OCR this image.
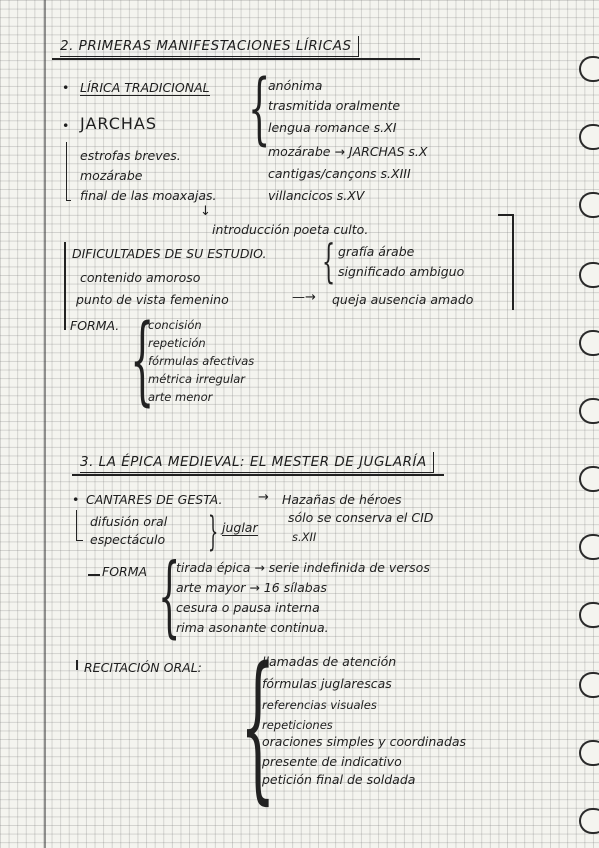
2. PRIMERAS MANIFESTACIONES LÍRICAS
• LÍRICA TRADICIONAL {
anónima
trasmitida oralmente
lengua romance s.XI
• JARCHAS
mozárabe → JARCHAS s.X
cantigas/cançons s.XIII
villancicos s.XV
estrofas breves.
mozárabe
final de las moaxajas.
↓
introducción poeta culto.
DIFICULTADES DE SU ESTUDIO. { grafía árabe
significado ambiguo
contenido amoroso
punto de vista femenino	—→ queja ausencia amado
FORMA. {
concisión
repetición
fórmulas afectivas
métrica irregular
arte menor
3. LA ÉPICA MEDIEVAL: EL MESTER DE JUGLARÍA
• CANTARES DE GESTA.	→ Hazañas de héroes
difusión oral
espectáculo } juglar
sólo se conserva el CID
s.XII
FORMA {
tirada épica → serie indefinida de versos
arte mayor → 16 sílabas
cesura o pausa interna
rima asonante continua.
RECITACIÓN ORAL: {
llamadas de atención
fórmulas juglarescas
referencias visuales
repeticiones
oraciones simples y coordinadas
presente de indicativo
petición final de soldada
